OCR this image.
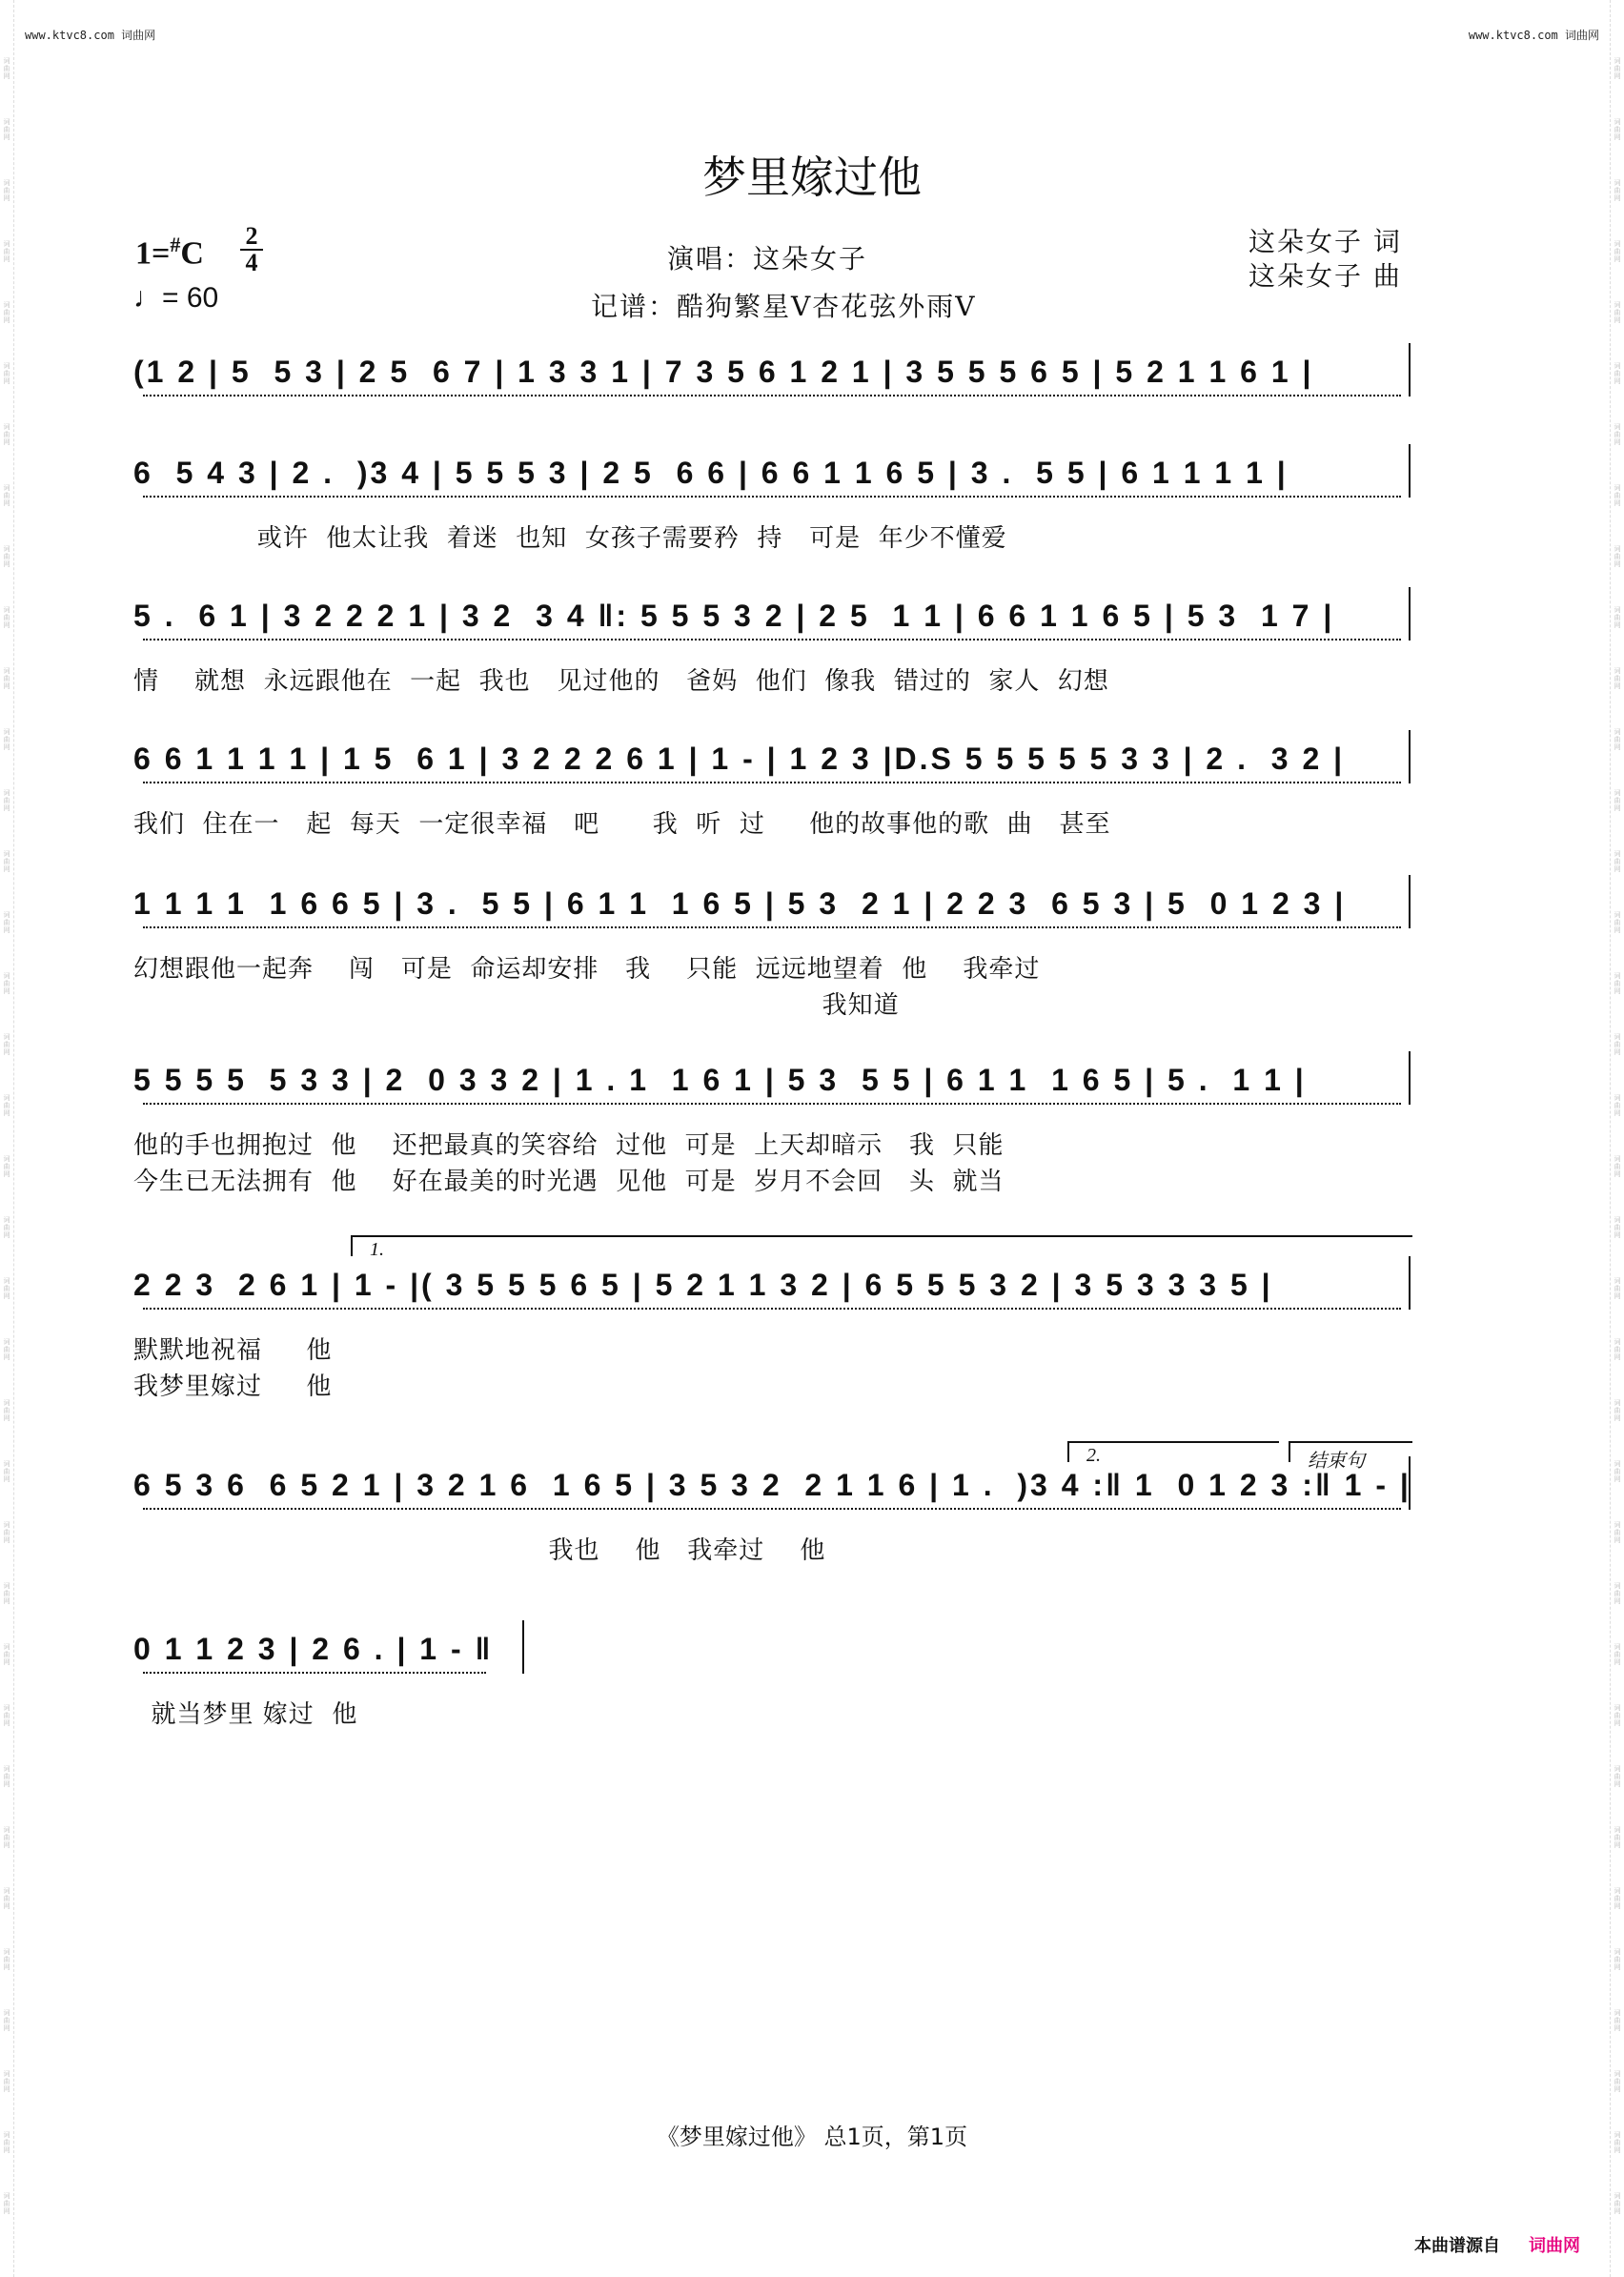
词曲网
词曲网
词曲网
词曲网
词曲网
词曲网
词曲网
词曲网
词曲网
词曲网
词曲网
词曲网
词曲网
词曲网
词曲网
词曲网
词曲网
词曲网
词曲网
词曲网
词曲网
词曲网
词曲网
词曲网
词曲网
词曲网
词曲网
词曲网
词曲网
词曲网
词曲网
词曲网
词曲网
词曲网
词曲网
词曲网
词曲网
词曲网
词曲网
词曲网
词曲网
词曲网
词曲网
词曲网
词曲网
词曲网
词曲网
词曲网
词曲网
词曲网
词曲网
词曲网
词曲网
词曲网
词曲网
词曲网
词曲网
词曲网
词曲网
词曲网
词曲网
词曲网
词曲网
词曲网
词曲网
词曲网
词曲网
词曲网
词曲网
词曲网
词曲网
词曲网
www.ktvc8.com 词曲网	www.ktvc8.com 词曲网
梦里嫁过他
1=#C 2
4
♩= 60
演唱：这朵女子
记谱：酷狗繁星V杏花弦外雨V
这朵女子 词
这朵女子 曲
(1 2 | 5  5 3 | 2 5  6 7 | 1 3 3 1 | 7 3 5 6 1 2 1 | 3 5 5 5 6 5 | 5 2 1 1 6 1 |
6  5 4 3 | 2 .  )3 4 | 5 5 5 3 | 2 5  6 6 | 6 6 1 1 6 5 | 3 .  5 5 | 6 1 1 1 1 |
或许  他太让我  着迷  也知  女孩子需要矜  持   可是  年少不懂爱
5 .  6 1 | 3 2 2 2 1 | 3 2  3 4 ‖: 5 5 5 3 2 | 2 5  1 1 | 6 6 1 1 6 5 | 5 3  1 7 |
情    就想  永远跟他在  一起  我也   见过他的   爸妈  他们  像我  错过的  家人  幻想
6 6 1 1 1 1 | 1 5  6 1 | 3 2 2 2 6 1 | 1 - | 1 2 3 |D.S 5 5 5 5 5 3 3 | 2 .  3 2 |
我们  住在一   起  每天  一定很幸福   吧      我  听  过     他的故事他的歌  曲   甚至
1 1 1 1  1 6 6 5 | 3 .  5 5 | 6 1 1  1 6 5 | 5 3  2 1 | 2 2 3  6 5 3 | 5  0 1 2 3 |
幻想跟他一起奔    闯   可是  命运却安排   我    只能  远远地望着  他    我牵过
我知道
5 5 5 5  5 3 3 | 2  0 3 3 2 | 1 . 1  1 6 1 | 5 3  5 5 | 6 1 1  1 6 5 | 5 .  1 1 |
他的手也拥抱过  他    还把最真的笑容给  过他  可是  上天却暗示   我  只能
今生已无法拥有  他    好在最美的时光遇  见他  可是  岁月不会回   头  就当
2 2 3  2 6 1 | 1 - |( 3 5 5 5 6 5 | 5 2 1 1 3 2 | 6 5 5 5 3 2 | 3 5 3 3 3 5 |
默默地祝福     他
我梦里嫁过     他
6 5 3 6  6 5 2 1 | 3 2 1 6  1 6 5 | 3 5 3 2  2 1 1 6 | 1 .  )3 4 :‖ 1  0 1 2 3 :‖ 1 - |
我也    他   我牵过    他
0 1 1 2 3 | 2 6 . | 1 - ‖
就当梦里 嫁过  他
《梦里嫁过他》 总1页，第1页
本曲谱源自 词曲网
1.
2.	结束句
